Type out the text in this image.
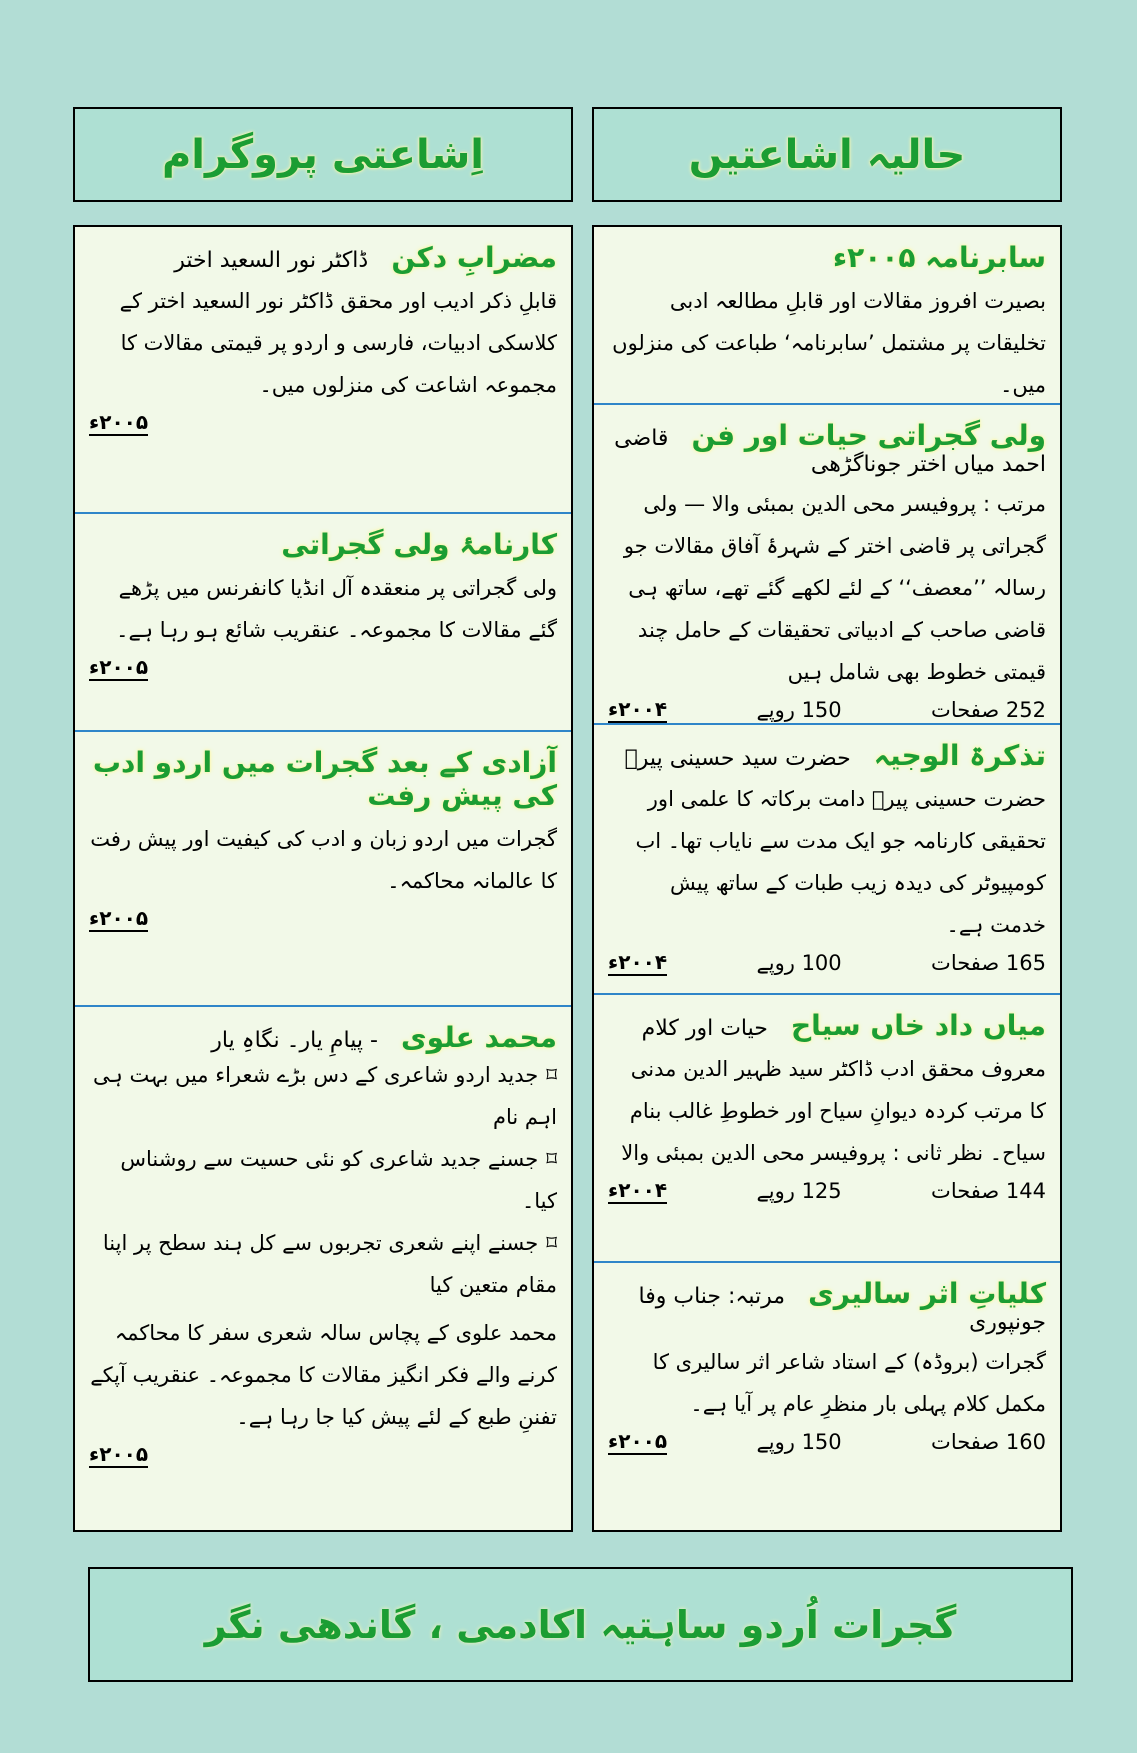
حالیہ اشاعتیں
اِشاعتی پروگرام
سابرنامہ ۲۰۰۵ء
بصیرت افروز مقالات اور قابلِ مطالعہ ادبی تخلیقات پر مشتمل ’سابرنامہ‘ طباعت کی منزلوں میں۔
ولی گجراتی حیات اور فن قاضی احمد میاں اختر جوناگڑھی
مرتب : پروفیسر محی الدین بمبئی والا — ولی گجراتی پر قاضی اختر کے شہرۂ آفاق مقالات جو رسالہ ’’معصف‘‘ کے لئے لکھے گئے تھے، ساتھ ہی قاضی صاحب کے ادبیاتی تحقیقات کے حامل چند قیمتی خطوط بھی شامل ہیں
252 صفحات
150 روپے
۲۰۰۴ء
تذکرۃ الوجیہ حضرت سید حسینی پیرؒ
حضرت حسینی پیرؒ دامت برکاتہ کا علمی اور تحقیقی کارنامہ جو ایک مدت سے نایاب تھا۔ اب کومپیوٹر کی دیدہ زیب طبات کے ساتھ پیش خدمت ہے۔
165 صفحات
100 روپے
۲۰۰۴ء
میاں داد خاں سیاح حیات اور کلام
معروف محقق ادب ڈاکٹر سید ظہیر الدین مدنی کا مرتب کردہ دیوانِ سیاح اور خطوطِ غالب بنام سیاح۔ نظر ثانی : پروفیسر محی الدین بمبئی والا
144 صفحات
125 روپے
۲۰۰۴ء
کلیاتِ اثر سالیری مرتبہ: جناب وفا جونپوری
گجرات (بروڈہ) کے استاد شاعر اثر سالیری کا مکمل کلام پہلی بار منظرِ عام پر آیا ہے۔
160 صفحات
150 روپے
۲۰۰۵ء
مضرابِ دکن ڈاکٹر نور السعید اختر
قابلِ ذکر ادیب اور محقق ڈاکٹر نور السعید اختر کے کلاسکی ادبیات، فارسی و اردو پر قیمتی مقالات کا مجموعہ اشاعت کی منزلوں میں۔
۲۰۰۵ء
کارنامۂ ولی گجراتی
ولی گجراتی پر منعقدہ آل انڈیا کانفرنس میں پڑھے گئے مقالات کا مجموعہ۔ عنقریب شائع ہو رہا ہے۔
۲۰۰۵ء
آزادی کے بعد گجرات میں اردو ادب کی پیش رفت
گجرات میں اردو زبان و ادب کی کیفیت اور پیش رفت کا عالمانہ محاکمہ۔
۲۰۰۵ء
محمد علوی - پیامِ یار۔ نگاہِ یار
⌑جدید اردو شاعری کے دس بڑے شعراء میں بہت ہی اہم نام
⌑جسنے جدید شاعری کو نئی حسیت سے روشناس کیا۔
⌑جسنے اپنے شعری تجربوں سے کل ہند سطح پر اپنا مقام متعین کیا
محمد علوی کے پچاس سالہ شعری سفر کا محاکمہ کرنے والے فکر انگیز مقالات کا مجموعہ۔ عنقریب آپکے تفننِ طبع کے لئے پیش کیا جا رہا ہے۔
۲۰۰۵ء
گجرات اُردو ساہتیہ اکادمی ، گاندھی نگر
